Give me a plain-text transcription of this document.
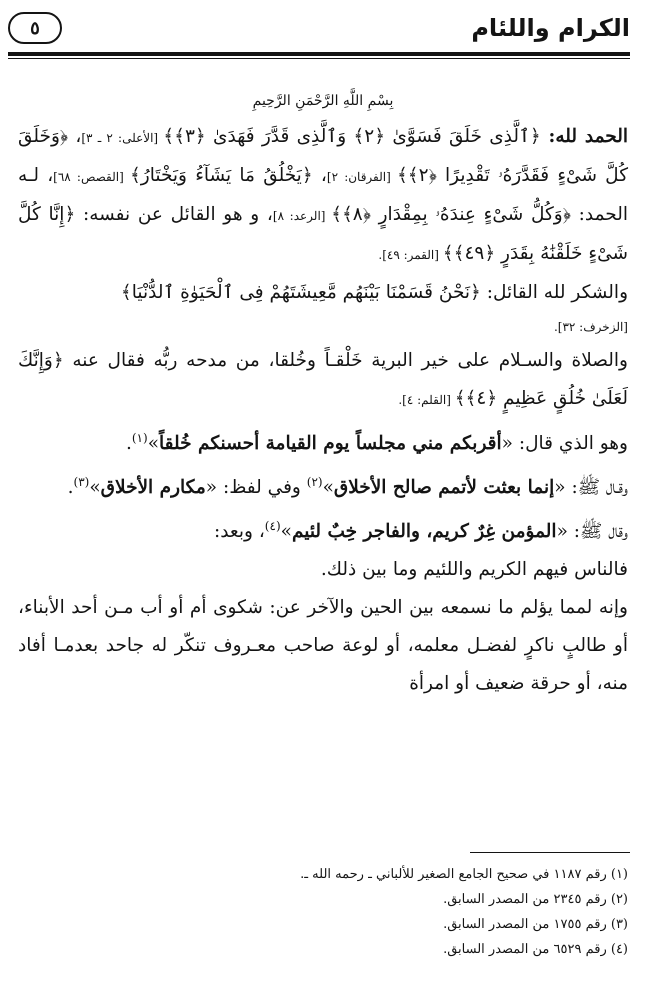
٥	الكرام واللئام
بِسْمِ اللَّهِ الرَّحْمَنِ الرَّحِيمِ

الحمد لله: ﴿ٱلَّذِى خَلَقَ فَسَوَّىٰ ﴿٢﴾ وَٱلَّذِى قَدَّرَ فَهَدَىٰ ﴿٣﴾﴾ [الأعلى: ٢ ـ ٣]، ﴿وَخَلَقَ كُلَّ شَىْءٍ فَقَدَّرَهُۥ تَقْدِيرًا ﴿٢﴾﴾ [الفرقان: ٢]، ﴿يَخْلُقُ مَا يَشَآءُ وَيَخْتَارُ﴾ [القصص: ٦٨]، لـه الحمد: ﴿وَكُلُّ شَىْءٍ عِندَهُۥ بِمِقْدَارٍ ﴿٨﴾﴾ [الرعد: ٨]، و هو القائل عن نفسه: ﴿إِنَّا كُلَّ شَىْءٍ خَلَقْنَٰهُ بِقَدَرٍ ﴿٤٩﴾﴾ [القمر: ٤٩].

والشكر لله القائل: ﴿نَحْنُ قَسَمْنَا بَيْنَهُم مَّعِيشَتَهُمْ فِى ٱلْحَيَوٰةِ ٱلدُّنْيَا﴾

[الزخرف: ٣٢].

والصلاة والسـلام على خير البرية خَلْقـاً وخُلقا، من مدحه ربُّه فقال عنه ﴿وَإِنَّكَ لَعَلَىٰ خُلُقٍ عَظِيمٍ ﴿٤﴾﴾ [القلم: ٤].

وهو الذي قال: «أقربكم مني مجلساً يوم القيامة أحسنكم خُلقاً»$^{(١)}$.

وقـال ﷺ: «إنما بعثت لأتمم صالح الأخلاق»$^{(٢)}$ وفي لفظ: «مكارم الأخلاق»$^{(٣)}$.

وقال ﷺ: «المؤمن غِرٌ كريم، والفاجر خِبٌ لئيم»$^{(٤)}$، وبعد:

فالناس فيهم الكريم واللئيم وما بين ذلك.

وإنه لمما يؤلم ما نسمعه بين الحين والآخر عن: شكوى أم أو أب مـن أحد الأبناء، أو طالبٍ ناكرٍ لفضـل معلمه، أو لوعة صاحب معـروف تنكّر له جاحد بعدمـا أفاد منه، أو حرقة ضعيف أو امرأة

(١) رقم ١١٨٧ في صحيح الجامع الصغير للألباني ـ رحمه الله ـ.
(٢) رقم ٢٣٤٥ من المصدر السابق.
(٣) رقم ١٧٥٥ من المصدر السابق.
(٤) رقم ٦٥٢٩ من المصدر السابق.
